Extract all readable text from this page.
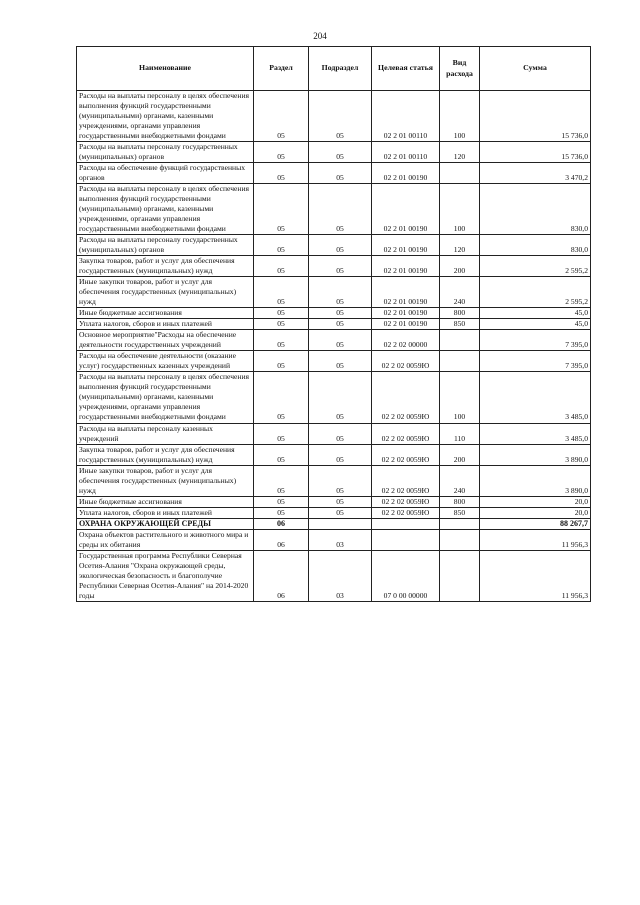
204
Наименование	Раздел	Подраздел	Целевая статья	Вид расхода	Сумма
Расходы на выплаты персоналу в целях обеспечения выполнения функций государственными (муниципальными) органами, казенными учреждениями, органами управления государственными внебюджетными фондами	05	05	02 2 01 00110	100	15 736,0
Расходы на выплаты персоналу государственных (муниципальных) органов	05	05	02 2 01 00110	120	15 736,0
Расходы на обеспечение функций государственных органов	05	05	02 2 01 00190		3 470,2
Расходы на выплаты персоналу в целях обеспечения выполнения функций государственными (муниципальными) органами, казенными учреждениями, органами управления государственными внебюджетными фондами	05	05	02 2 01 00190	100	830,0
Расходы на выплаты персоналу государственных (муниципальных) органов	05	05	02 2 01 00190	120	830,0
Закупка товаров, работ и услуг для обеспечения государственных (муниципальных) нужд	05	05	02 2 01 00190	200	2 595,2
Иные закупки товаров, работ и услуг для обеспечения государственных (муниципальных) нужд	05	05	02 2 01 00190	240	2 595,2
Иные бюджетные ассигнования	05	05	02 2 01 00190	800	45,0
Уплата налогов, сборов и иных платежей	05	05	02 2 01 00190	850	45,0
Основное мероприятие"Расходы на обеспечение деятельности государственных учреждений	05	05	02 2 02 00000		7 395,0
Расходы на обеспечение деятельности (оказание услуг) государственных казенных учреждений	05	05	02 2 02 0059Ю		7 395,0
Расходы на выплаты персоналу в целях обеспечения выполнения функций государственными (муниципальными) органами, казенными учреждениями, органами управления государственными внебюджетными фондами	05	05	02 2 02 0059Ю	100	3 485,0
Расходы на выплаты персоналу казенных учреждений	05	05	02 2 02 0059Ю	110	3 485,0
Закупка товаров, работ и услуг для обеспечения государственных (муниципальных) нужд	05	05	02 2 02 0059Ю	200	3 890,0
Иные закупки товаров, работ и услуг для обеспечения государственных (муниципальных) нужд	05	05	02 2 02 0059Ю	240	3 890,0
Иные бюджетные ассигнования	05	05	02 2 02 0059Ю	800	20,0
Уплата налогов, сборов и иных платежей	05	05	02 2 02 0059Ю	850	20,0
ОХРАНА ОКРУЖАЮЩЕЙ СРЕДЫ	06				88 267,7
Охрана объектов растительного и животного мира и среды их обитания	06	03			11 956,3
Государственная программа Республики Северная Осетия-Алания "Охрана окружающей среды, экологическая безопасность и благополучие Республики Северная Осетия-Алания" на 2014-2020 годы	06	03	07 0 00 00000		11 956,3
